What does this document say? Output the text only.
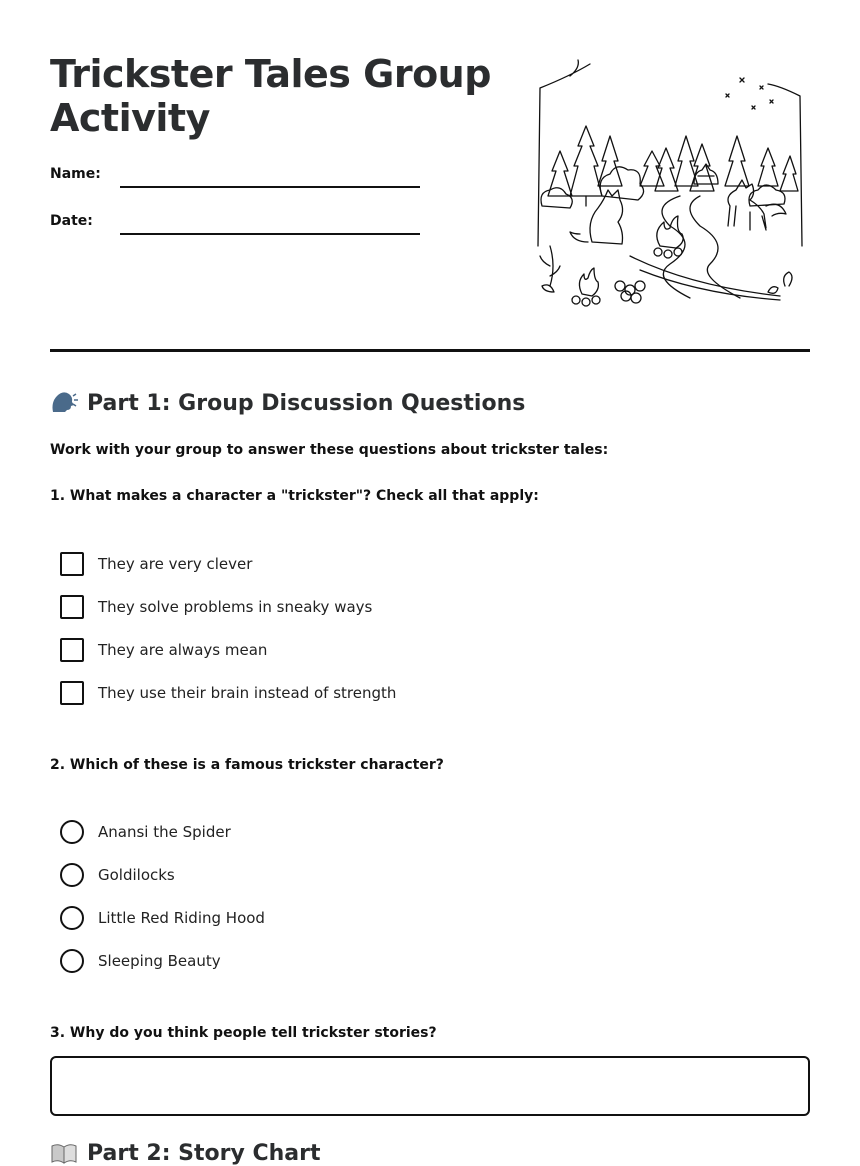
Trickster Tales Group Activity
Name:
Date:
Part 1: Group Discussion Questions

Work with your group to answer these questions about trickster tales:

1. What makes a character a "trickster"? Check all that apply:

They are very clever
They solve problems in sneaky ways
They are always mean
They use their brain instead of strength

2. Which of these is a famous trickster character?

Anansi the Spider
Goldilocks
Little Red Riding Hood
Sleeping Beauty

3. Why do you think people tell trickster stories?

Part 2: Story Chart
